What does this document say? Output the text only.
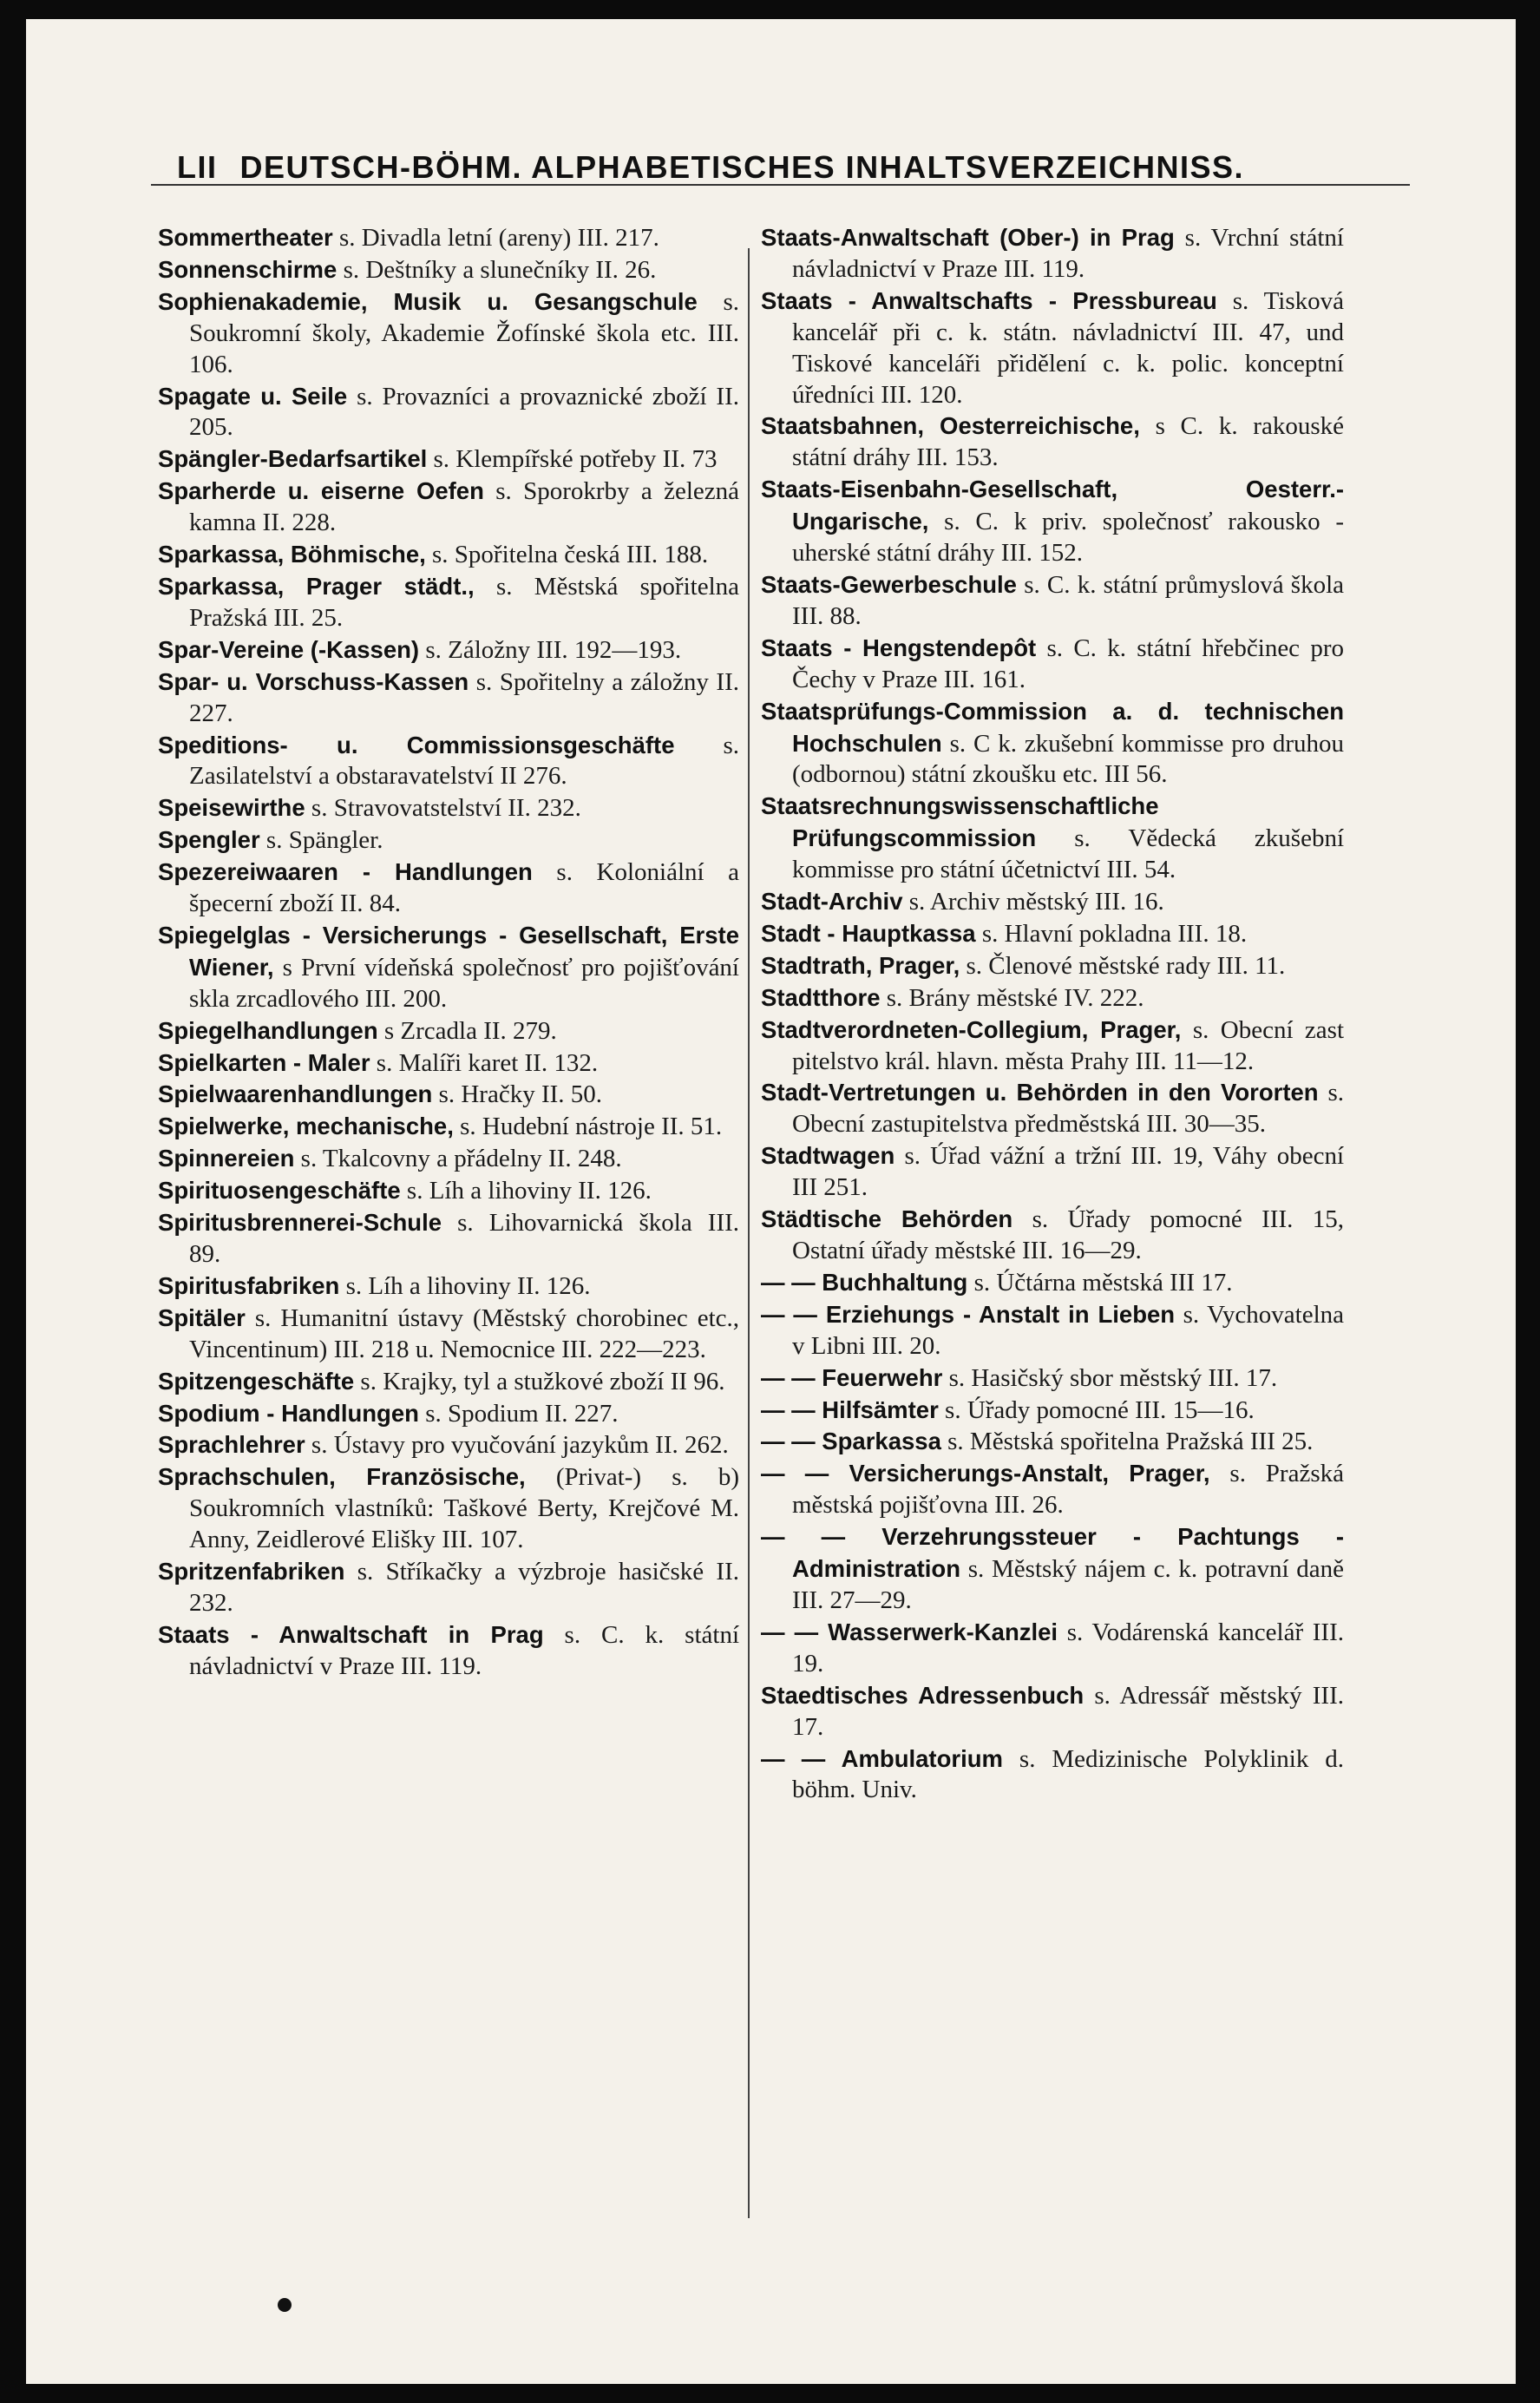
LII DEUTSCH-BÖHM. ALPHABETISCHES INHALTSVERZEICHNISS.

Sommertheater s. Divadla letní (areny) III. 217.

Sonnenschirme s. Deštníky a slunečníky II. 26.

Sophienakademie, Musik u. Gesangschule s. Soukromní školy, Akademie Žofínské škola etc. III. 106.

Spagate u. Seile s. Provazníci a provaznické zboží II. 205.

Spängler-Bedarfsartikel s. Klempířské potřeby II. 73

Sparherde u. eiserne Oefen s. Sporokrby a železná kamna II. 228.

Sparkassa, Böhmische, s. Spořitelna česká III. 188.

Sparkassa, Prager städt., s. Městská spořitelna Pražská III. 25.

Spar-Vereine (-Kassen) s. Záložny III. 192—193.

Spar- u. Vorschuss-Kassen s. Spořitelny a záložny II. 227.

Speditions- u. Commissionsgeschäfte s. Zasilatelství a obstaravatelství II 276.

Speisewirthe s. Stravovatstelství II. 232.

Spengler s. Spängler.

Spezereiwaaren - Handlungen s. Koloniální a špecerní zboží II. 84.

Spiegelglas - Versicherungs - Gesellschaft, Erste Wiener, s První vídeňská společnosť pro pojišťování skla zrcadlového III. 200.

Spiegelhandlungen s Zrcadla II. 279.

Spielkarten - Maler s. Malíři karet II. 132.

Spielwaarenhandlungen s. Hračky II. 50.

Spielwerke, mechanische, s. Hudební nástroje II. 51.

Spinnereien s. Tkalcovny a přádelny II. 248.

Spirituosengeschäfte s. Líh a lihoviny II. 126.

Spiritusbrennerei-Schule s. Lihovarnická škola III. 89.

Spiritusfabriken s. Líh a lihoviny II. 126.

Spitäler s. Humanitní ústavy (Městský chorobinec etc., Vincentinum) III. 218 u. Nemocnice III. 222—223.

Spitzengeschäfte s. Krajky, tyl a stužkové zboží II 96.

Spodium - Handlungen s. Spodium II. 227.

Sprachlehrer s. Ústavy pro vyučování jazykům II. 262.

Sprachschulen, Französische, (Privat-) s. b) Soukromních vlastníků: Taškové Berty, Krejčové M. Anny, Zeidlerové Elišky III. 107.

Spritzenfabriken s. Stříkačky a výzbroje hasičské II. 232.

Staats - Anwaltschaft in Prag s. C. k. státní návladnictví v Praze III. 119.

Staats-Anwaltschaft (Ober-) in Prag s. Vrchní státní návladnictví v Praze III. 119.

Staats - Anwaltschafts - Pressbureau s. Tisková kancelář při c. k. státn. návladnictví III. 47, und Tiskové kanceláři přidělení c. k. polic. konceptní úředníci III. 120.

Staatsbahnen, Oesterreichische, s C. k. rakouské státní dráhy III. 153.

Staats-Eisenbahn-Gesellschaft, Oesterr.-Ungarische, s. C. k priv. společnosť rakousko - uherské státní dráhy III. 152.

Staats-Gewerbeschule s. C. k. státní průmyslová škola III. 88.

Staats - Hengstendepôt s. C. k. státní hřebčinec pro Čechy v Praze III. 161.

Staatsprüfungs-Commission a. d. technischen Hochschulen s. C k. zkušební kommisse pro druhou (odbornou) státní zkoušku etc. III 56.

Staatsrechnungswissenschaftliche Prüfungscommission s. Vědecká zkušební kommisse pro státní účetnictví III. 54.

Stadt-Archiv s. Archiv městský III. 16.

Stadt - Hauptkassa s. Hlavní pokladna III. 18.

Stadtrath, Prager, s. Členové městské rady III. 11.

Stadtthore s. Brány městské IV. 222.

Stadtverordneten-Collegium, Prager, s. Obecní zast pitelstvo král. hlavn. města Prahy III. 11—12.

Stadt-Vertretungen u. Behörden in den Vororten s. Obecní zastupitelstva předměstská III. 30—35.

Stadtwagen s. Úřad vážní a tržní III. 19, Váhy obecní III 251.

Städtische Behörden s. Úřady pomocné III. 15, Ostatní úřady městské III. 16—29.

— — Buchhaltung s. Účtárna městská III 17.

— — Erziehungs - Anstalt in Lieben s. Vychovatelna v Libni III. 20.

— — Feuerwehr s. Hasičský sbor městský III. 17.

— — Hilfsämter s. Úřady pomocné III. 15—16.

— — Sparkassa s. Městská spořitelna Pražská III 25.

— — Versicherungs-Anstalt, Prager, s. Pražská městská pojišťovna III. 26.

— — Verzehrungssteuer - Pachtungs - Administration s. Městský nájem c. k. potravní daně III. 27—29.

— — Wasserwerk-Kanzlei s. Vodárenská kancelář III. 19.

Staedtisches Adressenbuch s. Adressář městský III. 17.

— — Ambulatorium s. Medizinische Polyklinik d. böhm. Univ.
